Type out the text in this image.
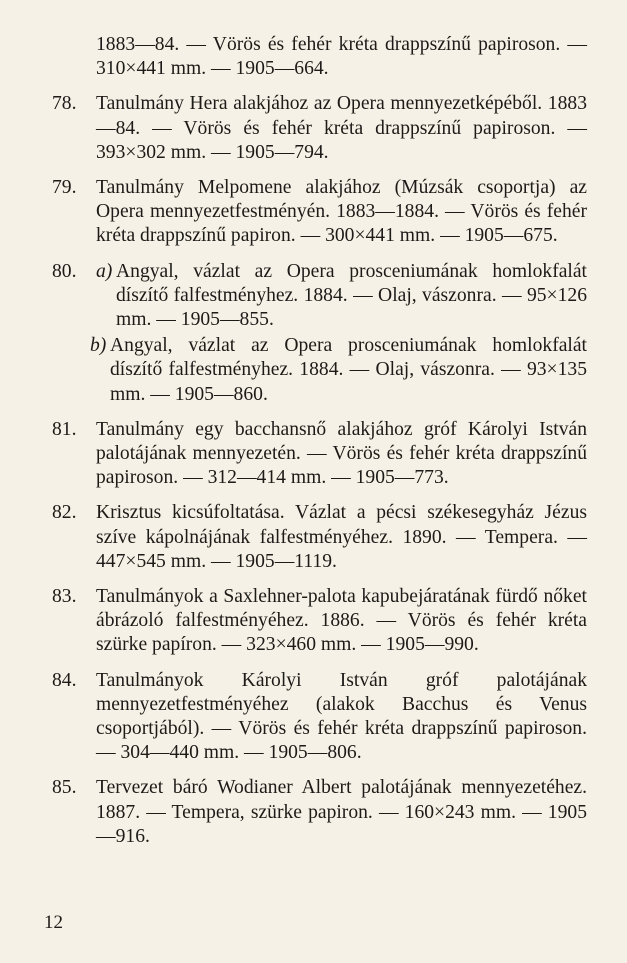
1883—84. — Vörös és fehér kréta drappszínű papiroson. — 310×441 mm. — 1905—664.
78. Tanulmány Hera alakjához az Opera mennyezetképéből. 1883—84. — Vörös és fehér kréta drappszínű papiroson. — 393×302 mm. — 1905—794.
79. Tanulmány Melpomene alakjához (Múzsák csoportja) az Opera mennyezetfestményén. 1883—1884. — Vörös és fehér kréta drappszínű papiron. — 300×441 mm. — 1905—675.
80. a) Angyal, vázlat az Opera prosceniumának homlokfalát díszítő falfestményhez. 1884. — Olaj, vászonra. — 95×126 mm. — 1905—855.
b) Angyal, vázlat az Opera prosceniumának homlokfalát díszítő falfestményhez. 1884. — Olaj, vászonra. — 93×135 mm. — 1905—860.
81. Tanulmány egy bacchansnő alakjához gróf Károlyi István palotájának mennyezetén. — Vörös és fehér kréta drappszínű papiroson. — 312—414 mm. — 1905—773.
82. Krisztus kicsúfoltatása. Vázlat a pécsi székesegyház Jézus szíve kápolnájának falfestményéhez. 1890. — Tempera. — 447×545 mm. — 1905—1119.
83. Tanulmányok a Saxlehner-palota kapubejáratának fürdő nőket ábrázoló falfestményéhez. 1886. — Vörös és fehér kréta szürke papíron. — 323×460 mm. — 1905—990.
84. Tanulmányok Károlyi István gróf palotájának mennyezetfestményéhez (alakok Bacchus és Venus csoportjából). — Vörös és fehér kréta drappszínű papiroson. — 304—440 mm. — 1905—806.
85. Tervezet báró Wodianer Albert palotájának mennyezetéhez. 1887. — Tempera, szürke papiron. — 160×243 mm. — 1905—916.
12
